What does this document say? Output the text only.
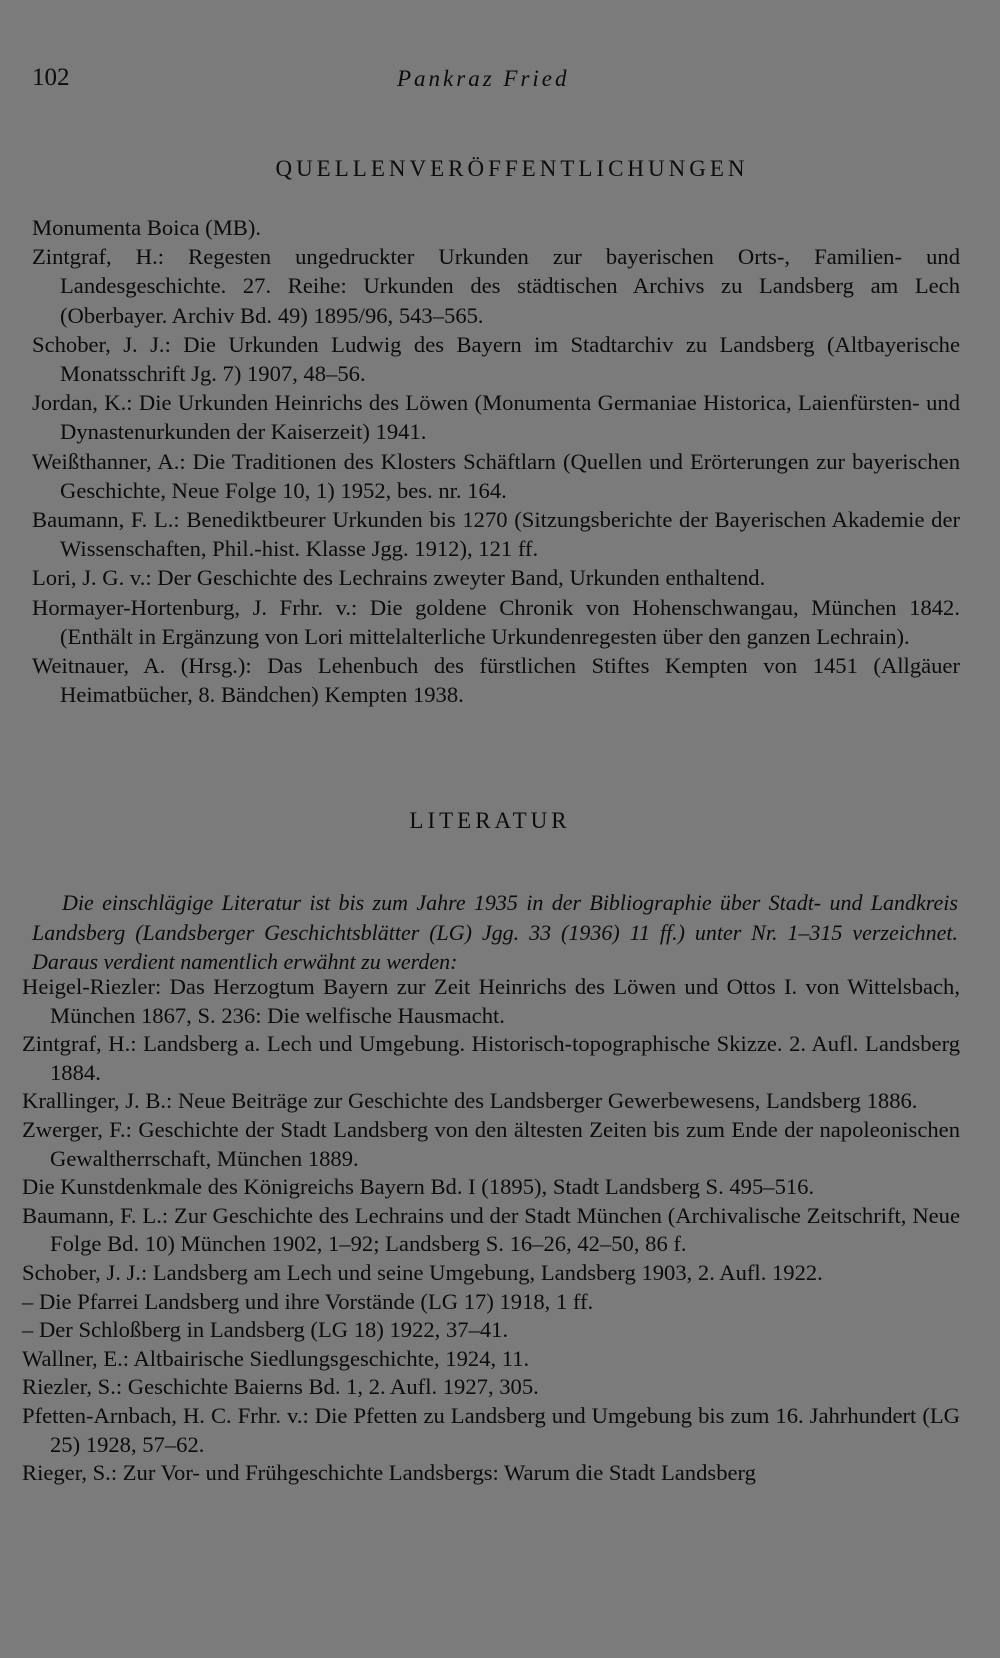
102	Pankraz Fried
QUELLENVERÖFFENTLICHUNGEN
Monumenta Boica (MB).
Zintgraf, H.: Regesten ungedruckter Urkunden zur bayerischen Orts-, Familien- und Landesgeschichte. 27. Reihe: Urkunden des städtischen Archivs zu Landsberg am Lech (Oberbayer. Archiv Bd. 49) 1895/96, 543–565.
Schober, J. J.: Die Urkunden Ludwig des Bayern im Stadtarchiv zu Landsberg (Altbayerische Monatsschrift Jg. 7) 1907, 48–56.
Jordan, K.: Die Urkunden Heinrichs des Löwen (Monumenta Germaniae Historica, Laienfürsten- und Dynastenurkunden der Kaiserzeit) 1941.
Weißthanner, A.: Die Traditionen des Klosters Schäftlarn (Quellen und Erörterungen zur bayerischen Geschichte, Neue Folge 10, 1) 1952, bes. nr. 164.
Baumann, F. L.: Benediktbeurer Urkunden bis 1270 (Sitzungsberichte der Bayerischen Akademie der Wissenschaften, Phil.-hist. Klasse Jgg. 1912), 121 ff.
Lori, J. G. v.: Der Geschichte des Lechrains zweyter Band, Urkunden enthaltend.
Hormayer-Hortenburg, J. Frhr. v.: Die goldene Chronik von Hohenschwangau, München 1842. (Enthält in Ergänzung von Lori mittelalterliche Urkundenregesten über den ganzen Lechrain).
Weitnauer, A. (Hrsg.): Das Lehenbuch des fürstlichen Stiftes Kempten von 1451 (Allgäuer Heimatbücher, 8. Bändchen) Kempten 1938.
LITERATUR

Die einschlägige Literatur ist bis zum Jahre 1935 in der Bibliographie über Stadt- und Landkreis Landsberg (Landsberger Geschichtsblätter (LG) Jgg. 33 (1936) 11 ff.) unter Nr. 1–315 verzeichnet. Daraus verdient namentlich erwähnt zu werden:

Heigel-Riezler: Das Herzogtum Bayern zur Zeit Heinrichs des Löwen und Ottos I. von Wittelsbach, München 1867, S. 236: Die welfische Hausmacht.
Zintgraf, H.: Landsberg a. Lech und Umgebung. Historisch-topographische Skizze. 2. Aufl. Landsberg 1884.
Krallinger, J. B.: Neue Beiträge zur Geschichte des Landsberger Gewerbewesens, Landsberg 1886.
Zwerger, F.: Geschichte der Stadt Landsberg von den ältesten Zeiten bis zum Ende der napoleonischen Gewaltherrschaft, München 1889.
Die Kunstdenkmale des Königreichs Bayern Bd. I (1895), Stadt Landsberg S. 495–516.
Baumann, F. L.: Zur Geschichte des Lechrains und der Stadt München (Archivalische Zeitschrift, Neue Folge Bd. 10) München 1902, 1–92; Landsberg S. 16–26, 42–50, 86 f.
Schober, J. J.: Landsberg am Lech und seine Umgebung, Landsberg 1903, 2. Aufl. 1922.
– Die Pfarrei Landsberg und ihre Vorstände (LG 17) 1918, 1 ff.
– Der Schloßberg in Landsberg (LG 18) 1922, 37–41.
Wallner, E.: Altbairische Siedlungsgeschichte, 1924, 11.
Riezler, S.: Geschichte Baierns Bd. 1, 2. Aufl. 1927, 305.
Pfetten-Arnbach, H. C. Frhr. v.: Die Pfetten zu Landsberg und Umgebung bis zum 16. Jahrhundert (LG 25) 1928, 57–62.
Rieger, S.: Zur Vor- und Frühgeschichte Landsbergs: Warum die Stadt Landsberg
